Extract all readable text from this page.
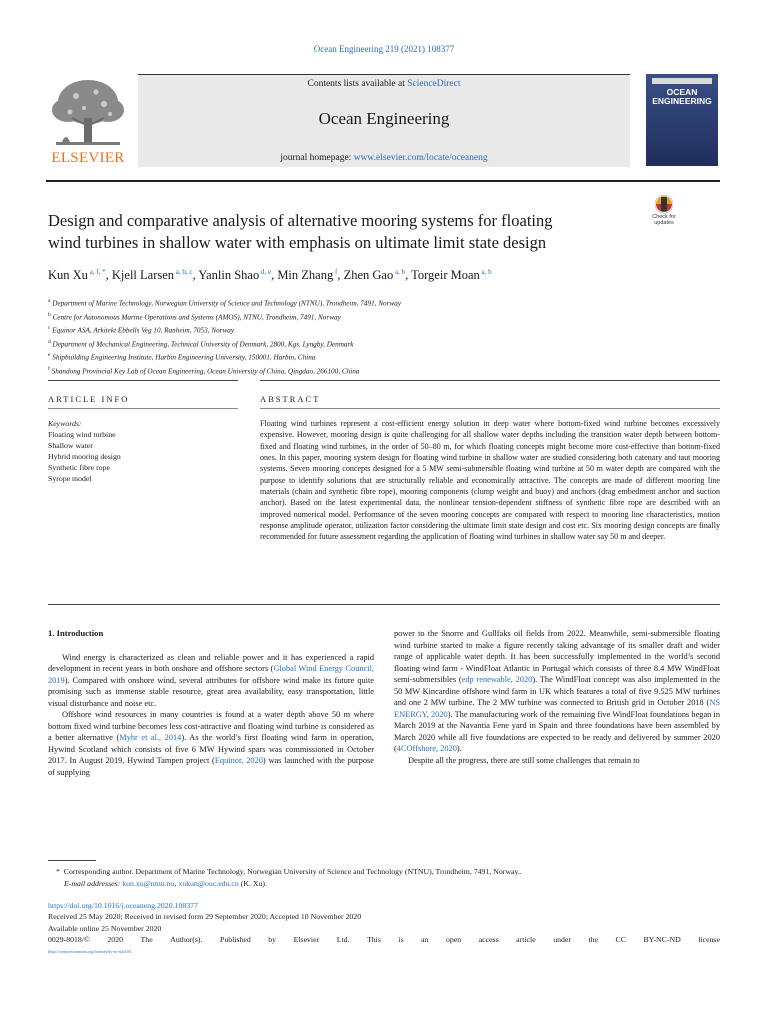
Ocean Engineering 219 (2021) 108377
ELSEVIER
Contents lists available at ScienceDirect
Ocean Engineering
journal homepage: www.elsevier.com/locate/oceaneng
OCEAN
ENGINEERING
Design and comparative analysis of alternative mooring systems for floating
wind turbines in shallow water with emphasis on ultimate limit state design
Check for
updates
Kun Xu $^{a, f, *}$, Kjell Larsen $^{a, b, c}$, Yanlin Shao $^{d, e}$, Min Zhang $^f$, Zhen Gao $^{a, b}$, Torgeir Moan $^{a, b}$
$^a$ Department of Marine Technology, Norwegian University of Science and Technology (NTNU), Trondheim, 7491, Norway
$^b$ Centre for Autonomous Marine Operations and Systems (AMOS), NTNU, Trondheim, 7491, Norway
$^c$ Equinor ASA, Arkitekt Ebbells Veg 10, Ranheim, 7053, Norway
$^d$ Department of Mechanical Engineering, Technical University of Denmark, 2800, Kgs. Lyngby, Denmark
$^e$ Shipbuilding Engineering Institute, Harbin Engineering University, 150001, Harbin, China
$^f$ Shandong Provincial Key Lab of Ocean Engineering, Ocean University of China, Qingdao, 266100, China
ARTICLE INFO	ABSTRACT
Keywords:
Floating wind turbine
Shallow water
Hybrid mooring design
Synthetic fibre rope
Syrope model
Floating wind turbines represent a cost-efficient energy solution in deep water where bottom-fixed wind turbine becomes excessively expensive. However, mooring design is quite challenging for all shallow water depths including the transition water depth between bottom-fixed and floating wind turbines, in the order of 50–80 m, for which floating concepts might become more cost-effective than bottom-fixed ones. In this paper, mooring system design for floating wind turbine in shallow water are studied considering both catenary and taut mooring systems. Seven mooring concepts designed for a 5 MW semi-submersible floating wind turbine at 50 m water depth are compared with the purpose to identify solutions that are structurally reliable and economically attractive. The concepts are made of different mooring line materials (chain and synthetic fibre rope), mooring components (clump weight and buoy) and anchors (drag embedment anchor and suction anchor). Based on the latest experimental data, the nonlinear tension-dependent stiffness of synthetic fibre rope are described with an improved numerical model. Performance of the seven mooring concepts are compared with respect to mooring line characteristics, motion response amplitude operator, utilization factor considering the ultimate limit state design and cost etc. Six mooring design concepts are finally recommended for future assessment regarding the application of floating wind turbines in shallow water say 50 m and deeper.
1. Introduction

Wind energy is characterized as clean and reliable power and it has experienced a rapid development in recent years in both onshore and offshore sectors (Global Wind Energy Council, 2019). Compared with onshore wind, several attributes for offshore wind make its future quite promising such as immense stable resource, great area availability, easy transportation, little visual disturbance and noise etc.

Offshore wind resources in many countries is found at a water depth above 50 m where bottom fixed wind turbine becomes less cost-attractive and floating wind turbine is considered as a better alternative (Myhr et al., 2014). As the world’s first floating wind farm in operation, Hywind Scotland which consists of five 6 MW Hywind spars was commissioned in October 2017. In August 2019, Hywind Tampen project (Equinor, 2020) was launched with the purpose of supplying

power to the Snorre and Gullfaks oil fields from 2022. Meanwhile, semi-submersible floating wind turbine started to make a figure recently taking advantage of its smaller draft and wider range of applicable water depth. It has been successfully implemented in the world’s second floating wind farm - WindFloat Atlantic in Portugal which consists of three 8.4 MW WindFloat semi-submersibles (edp renewable, 2020). The WindFloat concept was also implemented in the 50 MW Kincardine offshore wind farm in UK which features a total of five 9.525 MW turbines and one 2 MW turbine. The 2 MW turbine was connected to British grid in October 2018 (NS ENERGY, 2020). The manufacturing work of the remaining five WindFloat foundations began in March 2019 at the Navantia Fene yard in Spain and three foundations have been assembled by March 2020 while all five foundations are expected to be ready and delivered by summer 2020 (4COffshore, 2020).

Despite all the progress, there are still some challenges that remain to

*  Corresponding author. Department of Marine Technology, Norwegian University of Science and Technology (NTNU), Trondheim, 7491, Norway..
E-mail addresses: kun.xu@ntnu.no, xukun@ouc.edu.cn (K. Xu).
https://doi.org/10.1016/j.oceaneng.2020.108377
Received 25 May 2020; Received in revised form 29 September 2020; Accepted 10 November 2020
Available online 25 November 2020
0029-8018/© 2020 The Author(s). Published by Elsevier Ltd. This is an open access article under the CC BY-NC-ND license
(http://creativecommons.org/licenses/by-nc-nd/4.0/).
